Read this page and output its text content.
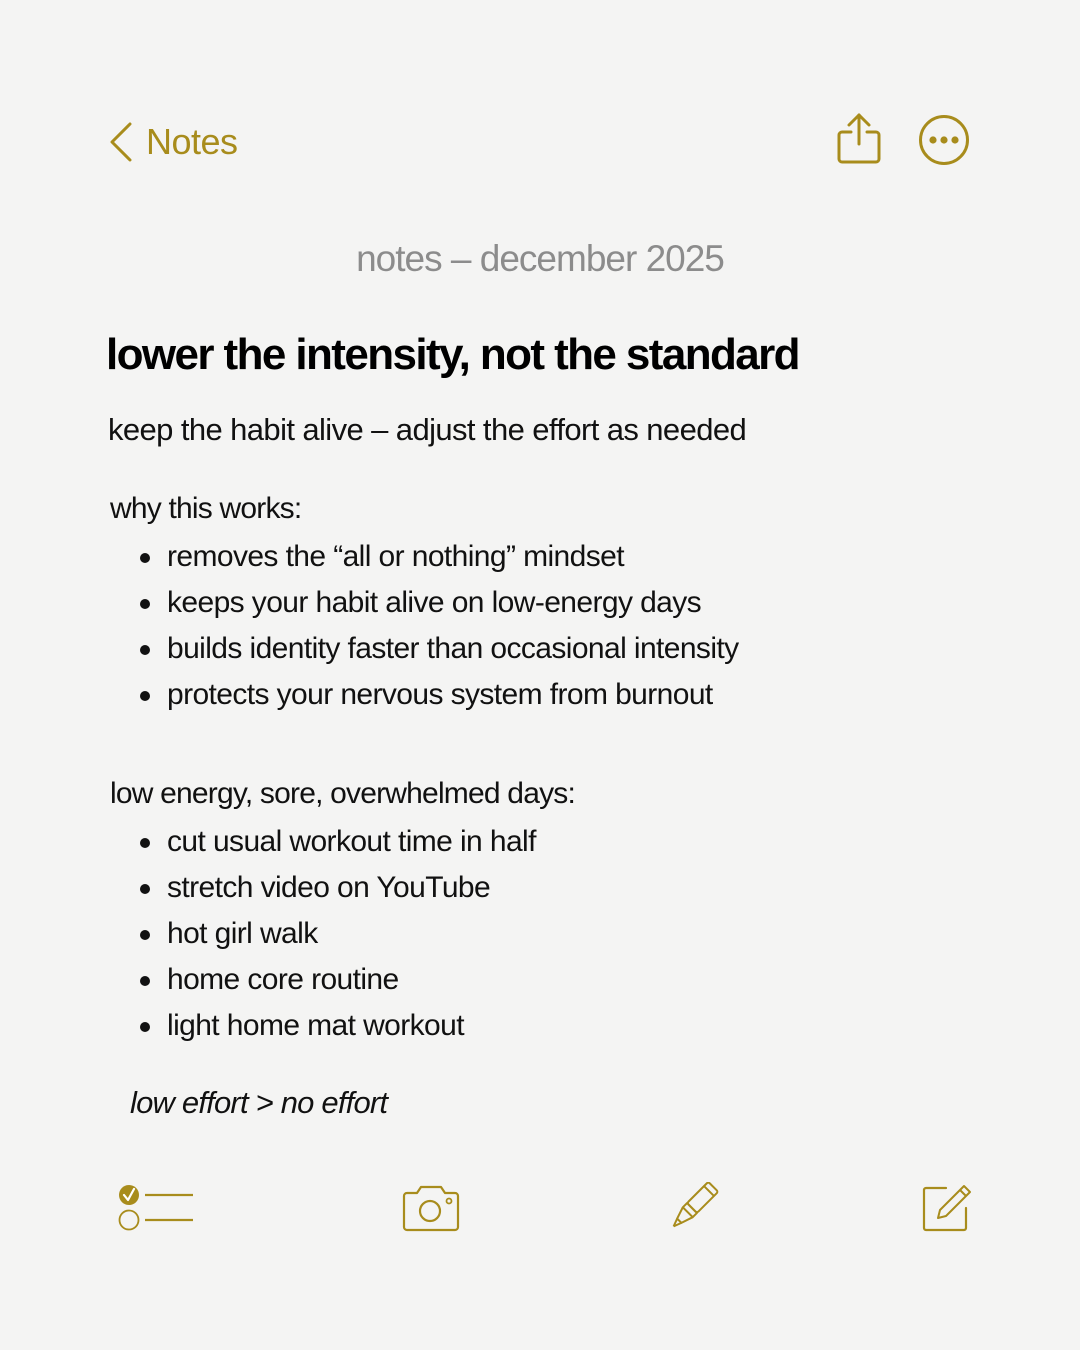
Notes
notes – december 2025
lower the intensity, not the standard
keep the habit alive – adjust the effort as needed
why this works:
removes the “all or nothing” mindset
keeps your habit alive on low-energy days
builds identity faster than occasional intensity
protects your nervous system from burnout
low energy, sore, overwhelmed days:
cut usual workout time in half
stretch video on YouTube
hot girl walk
home core routine
light home mat workout
low effort > no effort
